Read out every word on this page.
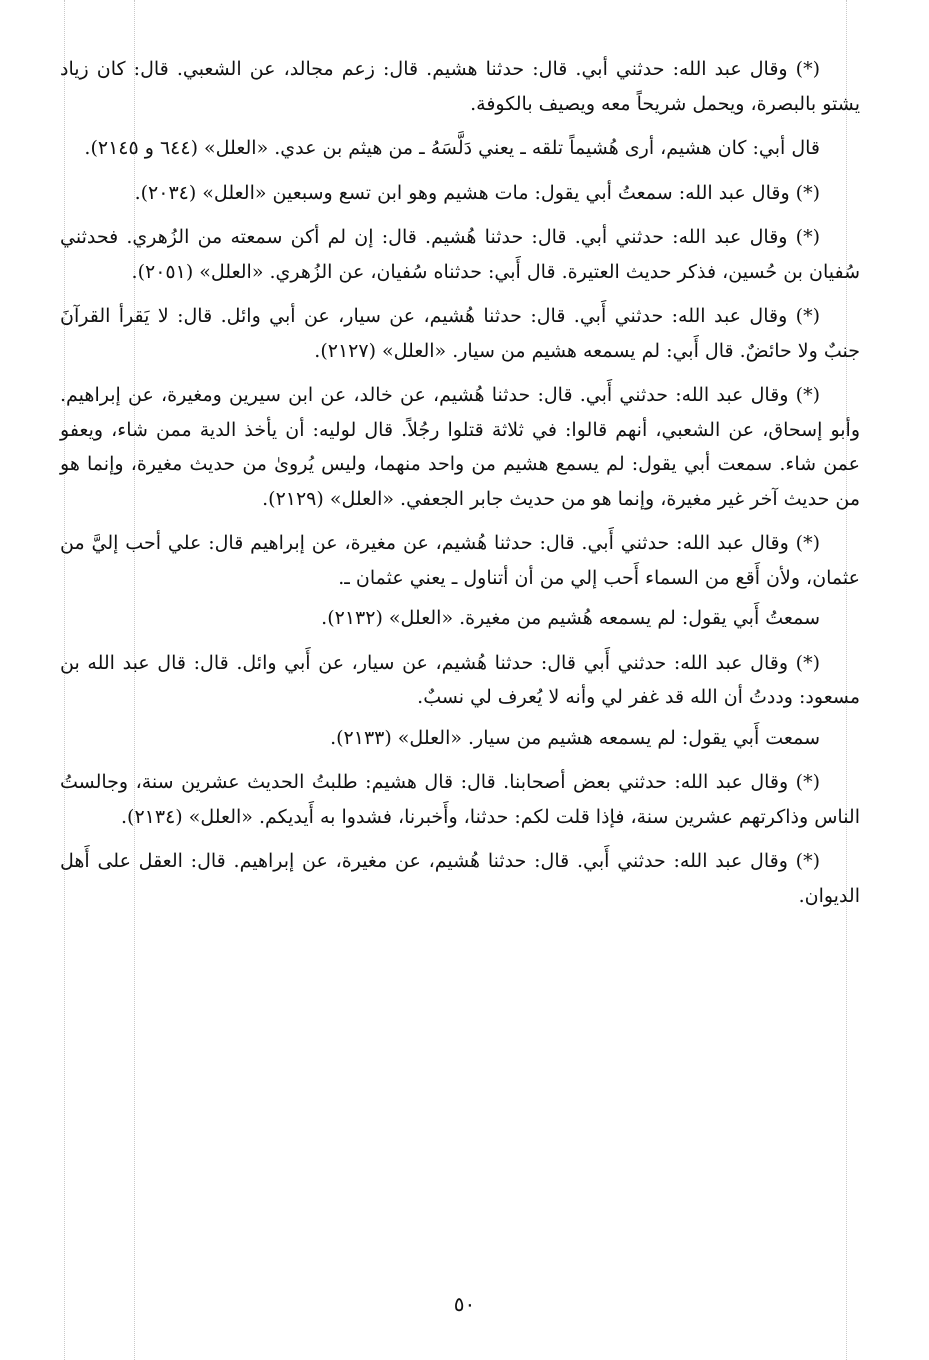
(*) وقال عبد الله: حدثني أبي. قال: حدثنا هشيم. قال: زعم مجالد، عن الشعبي. قال: كان زياد يشتو بالبصرة، ويحمل شريحاً معه ويصيف بالكوفة.

قال أبي: كان هشيم، أرى هُشيماً تلقه ـ يعني دَلَّسَهُ ـ من هيثم بن عدي. «العلل» (٦٤٤ و ٢١٤٥).

(*) وقال عبد الله: سمعتُ أبي يقول: مات هشيم وهو ابن تسع وسبعين «العلل» (٢٠٣٤).

(*) وقال عبد الله: حدثني أبي. قال: حدثنا هُشيم. قال: إن لم أكن سمعته من الزُهري. فحدثني سُفيان بن حُسين، فذكر حديث العتيرة. قال أَبي: حدثناه سُفيان، عن الزُهري. «العلل» (٢٠٥١).

(*) وقال عبد الله: حدثني أَبي. قال: حدثنا هُشيم، عن سيار، عن أبي وائل. قال: لا يَقرأ القرآنَ جنبٌ ولا حائضٌ. قال أَبي: لم يسمعه هشيم من سيار. «العلل» (٢١٢٧).

(*) وقال عبد الله: حدثني أَبي. قال: حدثنا هُشيم، عن خالد، عن ابن سيرين ومغيرة، عن إبراهيم. وأبو إسحاق، عن الشعبي، أنهم قالوا: في ثلاثة قتلوا رجُلاً. قال لوليه: أن يأخذ الدية ممن شاء، ويعفو عمن شاء. سمعت أبي يقول: لم يسمع هشيم من واحد منهما، وليس يُروىٰ من حديث مغيرة، وإنما هو من حديث آخر غير مغيرة، وإنما هو من حديث جابر الجعفي. «العلل» (٢١٢٩).

(*) وقال عبد الله: حدثني أَبي. قال: حدثنا هُشيم، عن مغيرة، عن إبراهيم قال: علي أحب إليَّ من عثمان، ولأن أَقع من السماء أَحب إلي من أن أتناول ـ يعني عثمان ـ.

سمعتُ أَبي يقول: لم يسمعه هُشيم من مغيرة. «العلل» (٢١٣٢).

(*) وقال عبد الله: حدثني أَبي قال: حدثنا هُشيم، عن سيار، عن أَبي وائل. قال: قال عبد الله بن مسعود: وددتُ أن الله قد غفر لي وأنه لا يُعرف لي نسبٌ.

سمعت أَبي يقول: لم يسمعه هشيم من سيار. «العلل» (٢١٣٣).

(*) وقال عبد الله: حدثني بعض أصحابنا. قال: قال هشيم: طلبتُ الحديث عشرين سنة، وجالستُ الناس وذاكرتهم عشرين سنة، فإذا قلت لكم: حدثنا، وأَخبرنا، فشدوا به أَيديكم. «العلل» (٢١٣٤).

(*) وقال عبد الله: حدثني أَبي. قال: حدثنا هُشيم، عن مغيرة، عن إبراهيم. قال: العقل على أَهل الديوان.

٥٠
